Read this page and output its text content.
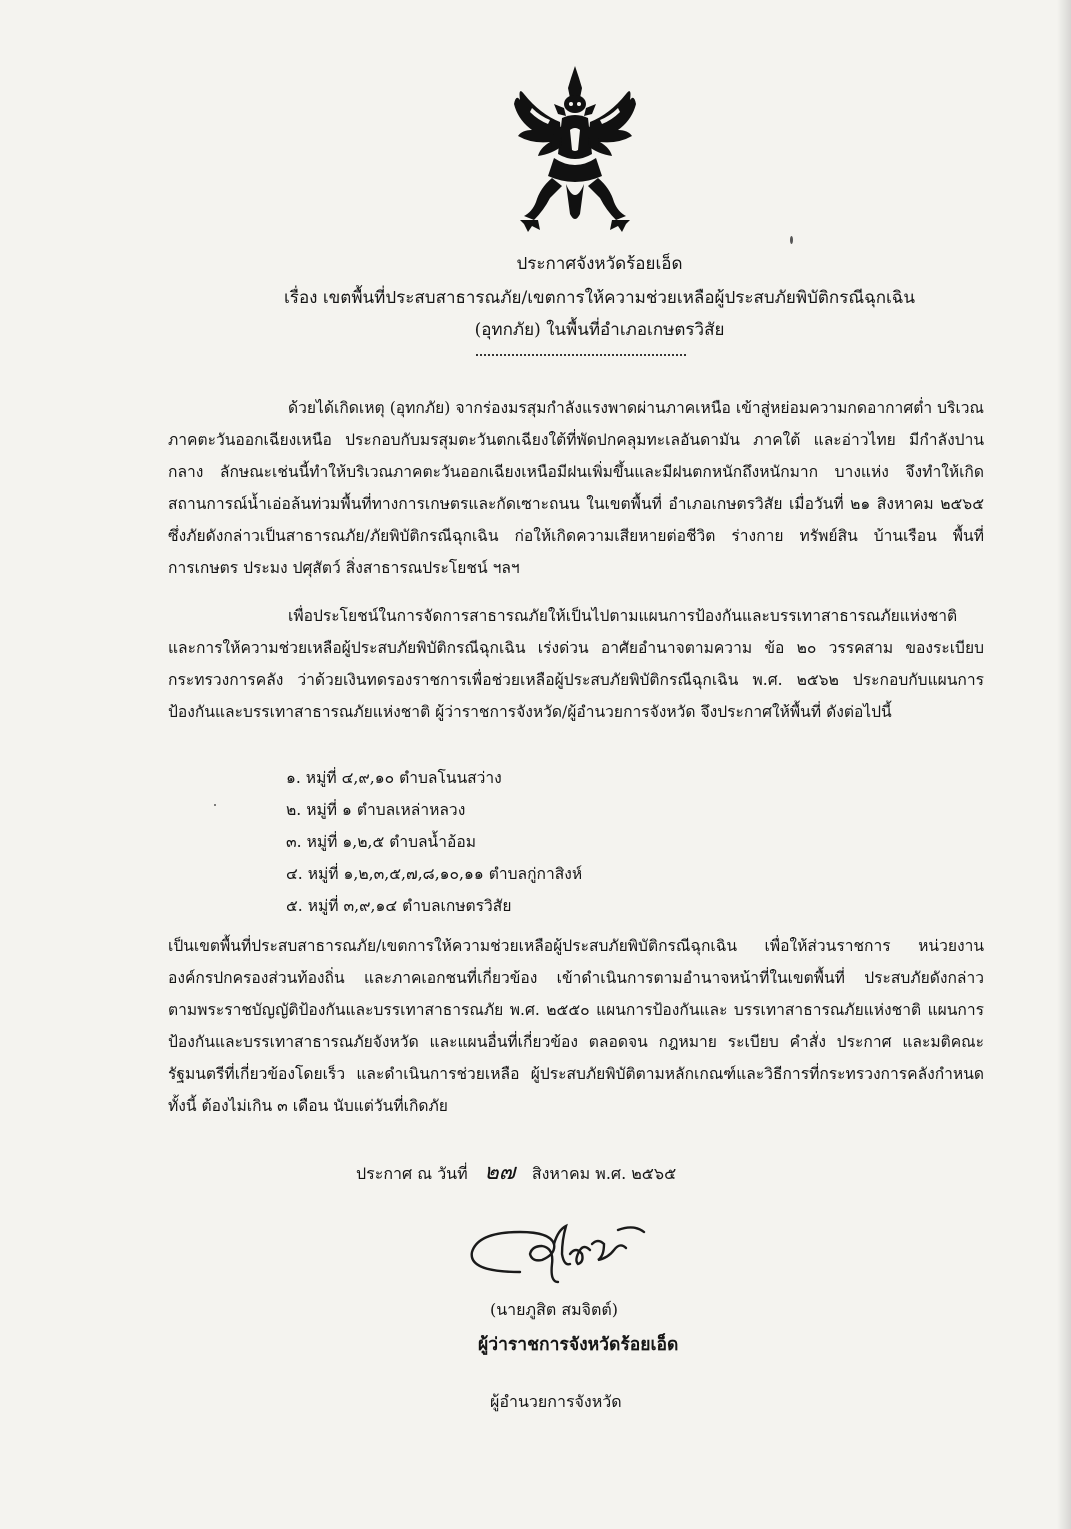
ประกาศจังหวัดร้อยเอ็ด
เรื่อง เขตพื้นที่ประสบสาธารณภัย/เขตการให้ความช่วยเหลือผู้ประสบภัยพิบัติกรณีฉุกเฉิน
(อุทกภัย) ในพื้นที่อำเภอเกษตรวิสัย

ด้วยได้เกิดเหตุ (อุทกภัย) จากร่องมรสุมกำลังแรงพาดผ่านภาคเหนือ เข้าสู่หย่อมความกดอากาศต่ำ บริเวณภาคตะวันออกเฉียงเหนือ ประกอบกับมรสุมตะวันตกเฉียงใต้ที่พัดปกคลุมทะเลอันดามัน ภาคใต้ และอ่าวไทย มีกำลังปานกลาง ลักษณะเช่นนี้ทำให้บริเวณภาคตะวันออกเฉียงเหนือมีฝนเพิ่มขึ้นและมีฝนตกหนักถึงหนักมาก บางแห่ง จึงทำให้เกิดสถานการณ์น้ำเอ่อล้นท่วมพื้นที่ทางการเกษตรและกัดเซาะถนน ในเขตพื้นที่ อำเภอเกษตรวิสัย เมื่อวันที่ ๒๑ สิงหาคม ๒๕๖๕ ซึ่งภัยดังกล่าวเป็นสาธารณภัย/ภัยพิบัติกรณีฉุกเฉิน ก่อให้เกิดความเสียหายต่อชีวิต ร่างกาย ทรัพย์สิน บ้านเรือน พื้นที่การเกษตร ประมง ปศุสัตว์ สิ่งสาธารณประโยชน์ ฯลฯ

เพื่อประโยชน์ในการจัดการสาธารณภัยให้เป็นไปตามแผนการป้องกันและบรรเทาสาธารณภัยแห่งชาติ และการให้ความช่วยเหลือผู้ประสบภัยพิบัติกรณีฉุกเฉิน เร่งด่วน อาศัยอำนาจตามความ ข้อ ๒๐ วรรคสาม ของระเบียบกระทรวงการคลัง ว่าด้วยเงินทดรองราชการเพื่อช่วยเหลือผู้ประสบภัยพิบัติกรณีฉุกเฉิน พ.ศ. ๒๕๖๒ ประกอบกับแผนการป้องกันและบรรเทาสาธารณภัยแห่งชาติ ผู้ว่าราชการจังหวัด/ผู้อำนวยการจังหวัด จึงประกาศให้พื้นที่ ดังต่อไปนี้

๑. หมู่ที่ ๔,๙,๑๐ ตำบลโนนสว่าง
๒. หมู่ที่ ๑ ตำบลเหล่าหลวง
๓. หมู่ที่ ๑,๒,๕ ตำบลน้ำอ้อม
๔. หมู่ที่ ๑,๒,๓,๕,๗,๘,๑๐,๑๑ ตำบลกู่กาสิงห์
๕. หมู่ที่ ๓,๙,๑๔ ตำบลเกษตรวิสัย

เป็นเขตพื้นที่ประสบสาธารณภัย/เขตการให้ความช่วยเหลือผู้ประสบภัยพิบัติกรณีฉุกเฉิน เพื่อให้ส่วนราชการ หน่วยงาน องค์กรปกครองส่วนท้องถิ่น และภาคเอกชนที่เกี่ยวข้อง เข้าดำเนินการตามอำนาจหน้าที่ในเขตพื้นที่ ประสบภัยดังกล่าว ตามพระราชบัญญัติป้องกันและบรรเทาสาธารณภัย พ.ศ. ๒๕๕๐ แผนการป้องกันและ บรรเทาสาธารณภัยแห่งชาติ แผนการป้องกันและบรรเทาสาธารณภัยจังหวัด และแผนอื่นที่เกี่ยวข้อง ตลอดจน กฎหมาย ระเบียบ คำสั่ง ประกาศ และมติคณะรัฐมนตรีที่เกี่ยวข้องโดยเร็ว และดำเนินการช่วยเหลือ ผู้ประสบภัยพิบัติตามหลักเกณฑ์และวิธีการที่กระทรวงการคลังกำหนด ทั้งนี้ ต้องไม่เกิน ๓ เดือน นับแต่วันที่เกิดภัย

ประกาศ ณ วันที่ ๒๗ สิงหาคม พ.ศ. ๒๕๖๕
(นายภูสิต สมจิตต์)
ผู้ว่าราชการจังหวัดร้อยเอ็ด
ผู้อำนวยการจังหวัด
